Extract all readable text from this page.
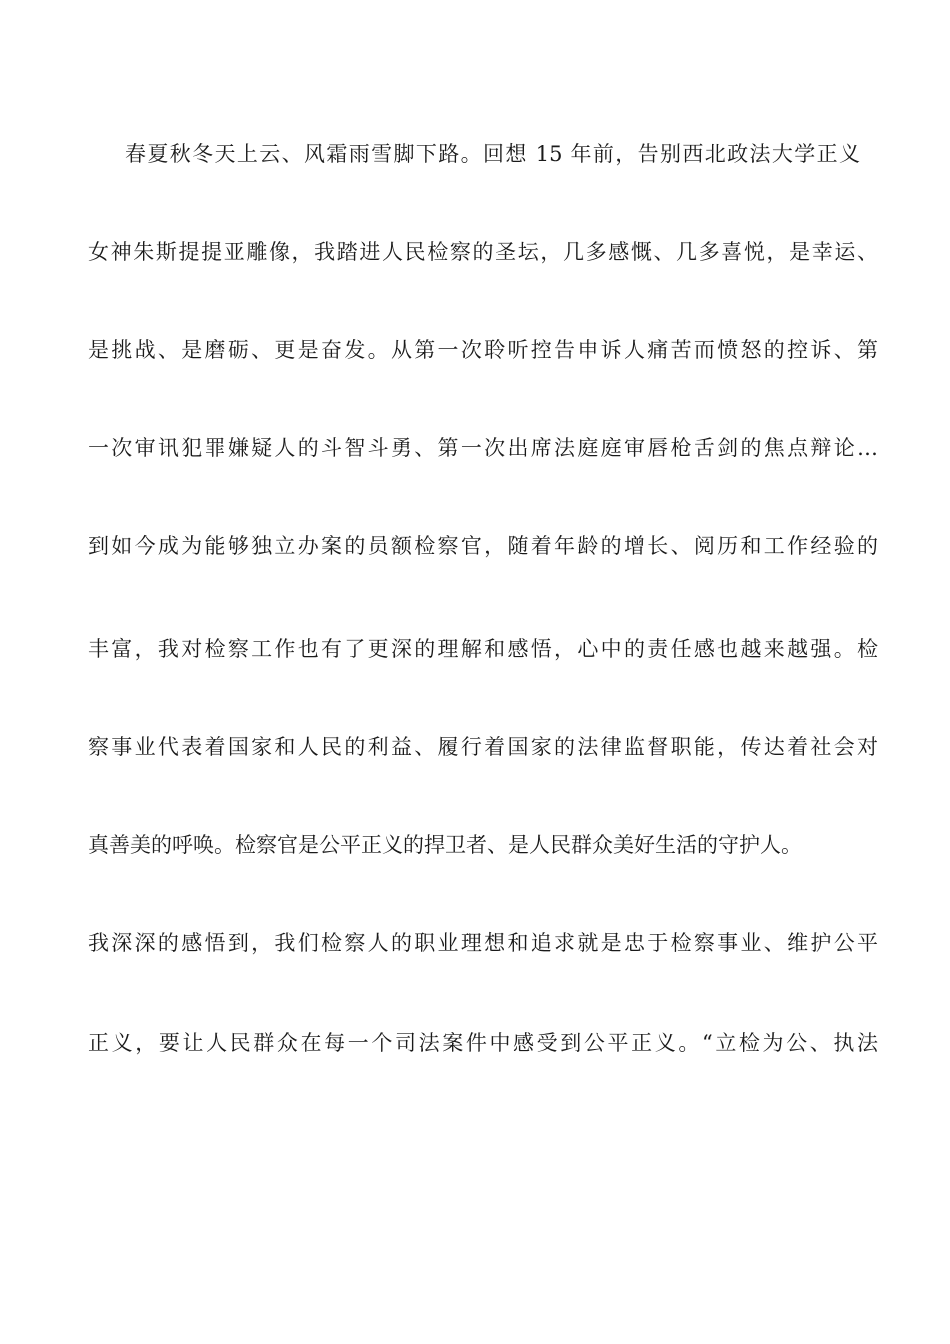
春夏秋冬天上云、风霜雨雪脚下路。回想 15 年前，告别西北政法大学正义
女神朱斯提提亚雕像，我踏进人民检察的圣坛，几多感慨、几多喜悦，是幸运、
是挑战、是磨砺、更是奋发。从第一次聆听控告申诉人痛苦而愤怒的控诉、第
一次审讯犯罪嫌疑人的斗智斗勇、第一次出席法庭庭审唇枪舌剑的焦点辩论…
到如今成为能够独立办案的员额检察官，随着年龄的增长、阅历和工作经验的
丰富，我对检察工作也有了更深的理解和感悟，心中的责任感也越来越强。检
察事业代表着国家和人民的利益、履行着国家的法律监督职能，传达着社会对
真善美的呼唤。检察官是公平正义的捍卫者、是人民群众美好生活的守护人。
我深深的感悟到，我们检察人的职业理想和追求就是忠于检察事业、维护公平
正义，要让人民群众在每一个司法案件中感受到公平正义。“立检为公、执法
